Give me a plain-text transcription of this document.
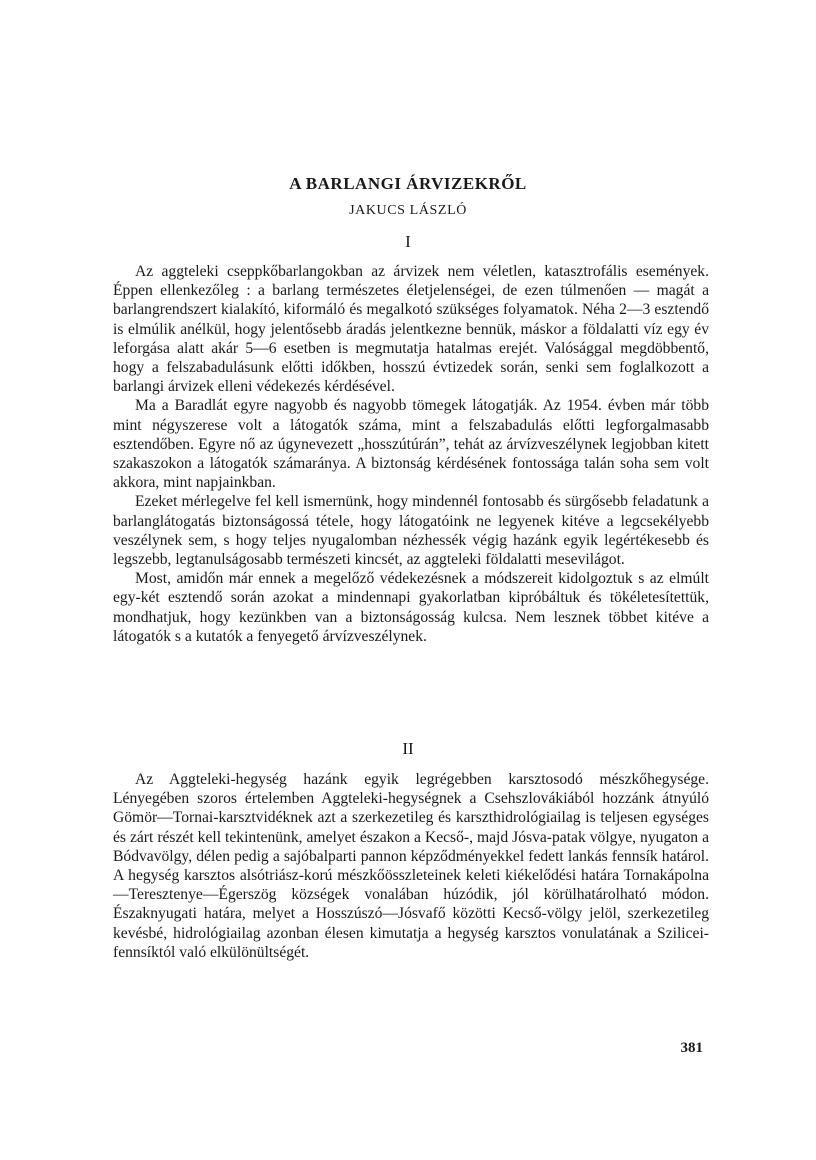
A BARLANGI ÁRVIZEKRŐL
JAKUCS LÁSZLÓ
I

Az aggteleki cseppkőbarlangokban az árvizek nem véletlen, katasztrofális események. Éppen ellenkezőleg : a barlang természetes életjelenségei, de ezen túlmenően — magát a barlangrendszert kialakító, kiformáló és megalkotó szükséges folyamatok. Néha 2—3 esztendő is elmúlik anélkül, hogy jelentősebb áradás jelentkezne bennük, máskor a földalatti víz egy év leforgása alatt akár 5—6 esetben is megmutatja hatalmas erejét. Valósággal megdöbbentő, hogy a felszabadulásunk előtti időkben, hosszú évtizedek során, senki sem foglalkozott a barlangi árvizek elleni védekezés kérdésével.

Ma a Baradlát egyre nagyobb és nagyobb tömegek látogatják. Az 1954. évben már több mint négyszerese volt a látogatók száma, mint a felszabadulás előtti legforgalmasabb esztendőben. Egyre nő az úgynevezett „hosszútúrán”, tehát az árvízveszélynek legjobban kitett szakaszokon a látogatók számaránya. A biztonság kérdésének fontossága talán soha sem volt akkora, mint napjainkban.

Ezeket mérlegelve fel kell ismernünk, hogy mindennél fontosabb és sürgősebb feladatunk a barlanglátogatás biztonságossá tétele, hogy látogatóink ne legyenek kitéve a legcsekélyebb veszélynek sem, s hogy teljes nyugalomban nézhessék végig hazánk egyik legértékesebb és legszebb, legtanulságosabb természeti kincsét, az aggteleki földalatti mesevilágot.

Most, amidőn már ennek a megelőző védekezésnek a módszereit kidolgoztuk s az elmúlt egy-két esztendő során azokat a mindennapi gyakorlatban kipróbáltuk és tökéletesítettük, mondhatjuk, hogy kezünkben van a biztonságosság kulcsa. Nem lesznek többet kitéve a látogatók s a kutatók a fenyegető árvízveszélynek.

II

Az Aggteleki-hegység hazánk egyik legrégebben karsztosodó mészkőhegysége. Lényegében szoros értelemben Aggteleki-hegységnek a Csehszlovákiából hozzánk átnyúló Gömör—Tornai-karsztvidéknek azt a szerkezetileg és karszthidrológiailag is teljesen egységes és zárt részét kell tekintenünk, amelyet északon a Kecső-, majd Jósva-patak völgye, nyugaton a Bódvavölgy, délen pedig a sajóbalparti pannon képződményekkel fedett lankás fennsík határol. A hegység karsztos alsótriász-korú mészkőösszleteinek keleti kiékelődési határa Tornakápolna—Teresztenye—Égerszög községek vonalában húzódik, jól körülhatárolható módon. Északnyugati határa, melyet a Hosszúszó—Jósvafő közötti Kecső-völgy jelöl, szerkezetileg kevésbé, hidrológiailag azonban élesen kimutatja a hegység karsztos vonulatának a Szilicei-fennsíktól való elkülönültségét.

381
